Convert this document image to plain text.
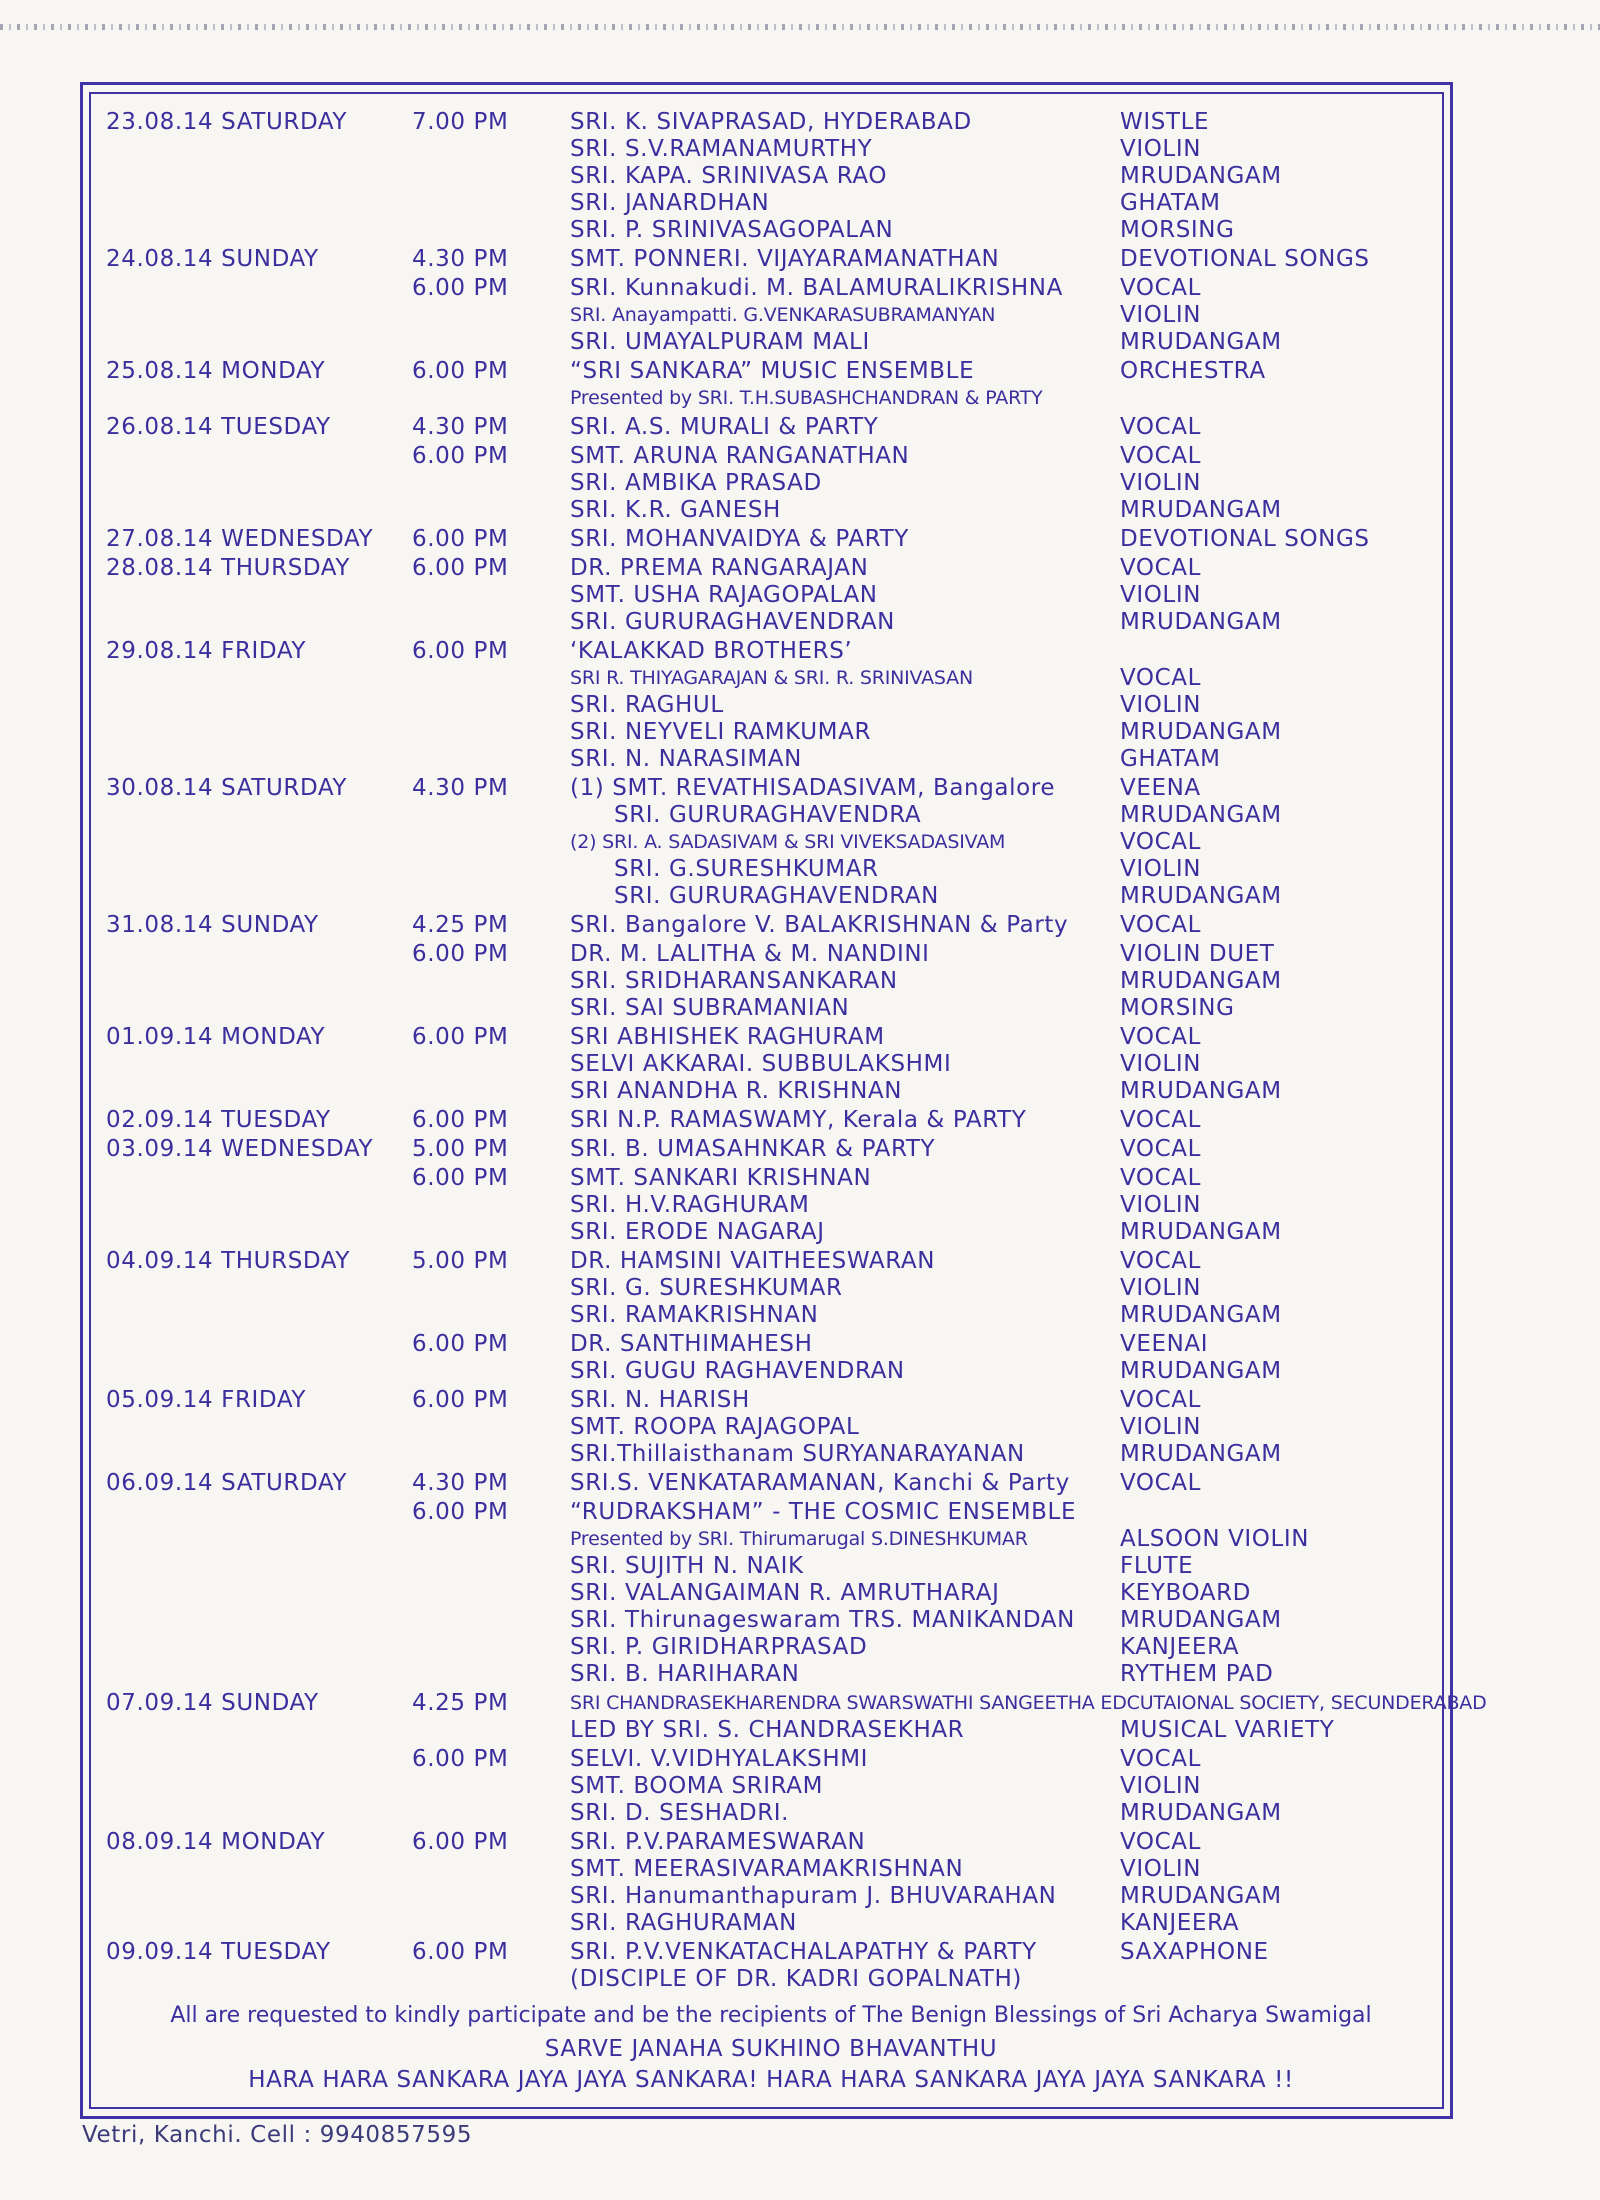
23.08.14 SATURDAY	7.00 PM	SRI. K. SIVAPRASAD, HYDERABAD	WISTLE
SRI. S.V.RAMANAMURTHY	VIOLIN
SRI. KAPA. SRINIVASA RAO	MRUDANGAM
SRI. JANARDHAN	GHATAM
SRI. P. SRINIVASAGOPALAN	MORSING
24.08.14 SUNDAY	4.30 PM	SMT. PONNERI. VIJAYARAMANATHAN	DEVOTIONAL SONGS
6.00 PM	SRI. Kunnakudi. M. BALAMURALIKRISHNA	VOCAL
SRI. Anayampatti. G.VENKARASUBRAMANYAN	VIOLIN
SRI. UMAYALPURAM MALI	MRUDANGAM
25.08.14 MONDAY	6.00 PM	“SRI SANKARA” MUSIC ENSEMBLE	ORCHESTRA
Presented by SRI. T.H.SUBASHCHANDRAN & PARTY
26.08.14 TUESDAY	4.30 PM	SRI. A.S. MURALI & PARTY	VOCAL
6.00 PM	SMT. ARUNA RANGANATHAN	VOCAL
SRI. AMBIKA PRASAD	VIOLIN
SRI. K.R. GANESH	MRUDANGAM
27.08.14 WEDNESDAY	6.00 PM	SRI. MOHANVAIDYA & PARTY	DEVOTIONAL SONGS
28.08.14 THURSDAY	6.00 PM	DR. PREMA RANGARAJAN	VOCAL
SMT. USHA RAJAGOPALAN	VIOLIN
SRI. GURURAGHAVENDRAN	MRUDANGAM
29.08.14 FRIDAY	6.00 PM	‘KALAKKAD BROTHERS’
SRI R. THIYAGARAJAN & SRI. R. SRINIVASAN	VOCAL
SRI. RAGHUL	VIOLIN
SRI. NEYVELI RAMKUMAR	MRUDANGAM
SRI. N. NARASIMAN	GHATAM
30.08.14 SATURDAY	4.30 PM	(1) SMT. REVATHISADASIVAM, Bangalore	VEENA
SRI. GURURAGHAVENDRA	MRUDANGAM
(2) SRI. A. SADASIVAM & SRI VIVEKSADASIVAM	VOCAL
SRI. G.SURESHKUMAR	VIOLIN
SRI. GURURAGHAVENDRAN	MRUDANGAM
31.08.14 SUNDAY	4.25 PM	SRI. Bangalore V. BALAKRISHNAN & Party	VOCAL
6.00 PM	DR. M. LALITHA & M. NANDINI	VIOLIN DUET
SRI. SRIDHARANSANKARAN	MRUDANGAM
SRI. SAI SUBRAMANIAN	MORSING
01.09.14 MONDAY	6.00 PM	SRI ABHISHEK RAGHURAM	VOCAL
SELVI AKKARAI. SUBBULAKSHMI	VIOLIN
SRI ANANDHA R. KRISHNAN	MRUDANGAM
02.09.14 TUESDAY	6.00 PM	SRI N.P. RAMASWAMY, Kerala & PARTY	VOCAL
03.09.14 WEDNESDAY	5.00 PM	SRI. B. UMASAHNKAR & PARTY	VOCAL
6.00 PM	SMT. SANKARI KRISHNAN	VOCAL
SRI. H.V.RAGHURAM	VIOLIN
SRI. ERODE NAGARAJ	MRUDANGAM
04.09.14 THURSDAY	5.00 PM	DR. HAMSINI VAITHEESWARAN	VOCAL
SRI. G. SURESHKUMAR	VIOLIN
SRI. RAMAKRISHNAN	MRUDANGAM
6.00 PM	DR. SANTHIMAHESH	VEENAI
SRI. GUGU RAGHAVENDRAN	MRUDANGAM
05.09.14 FRIDAY	6.00 PM	SRI. N. HARISH	VOCAL
SMT. ROOPA RAJAGOPAL	VIOLIN
SRI.Thillaisthanam SURYANARAYANAN	MRUDANGAM
06.09.14 SATURDAY	4.30 PM	SRI.S. VENKATARAMANAN, Kanchi & Party	VOCAL
6.00 PM	“RUDRAKSHAM” - THE COSMIC ENSEMBLE
Presented by SRI. Thirumarugal S.DINESHKUMAR	ALSOON VIOLIN
SRI. SUJITH N. NAIK	FLUTE
SRI. VALANGAIMAN R. AMRUTHARAJ	KEYBOARD
SRI. Thirunageswaram TRS. MANIKANDAN	MRUDANGAM
SRI. P. GIRIDHARPRASAD	KANJEERA
SRI. B. HARIHARAN	RYTHEM PAD
07.09.14 SUNDAY	4.25 PM	SRI CHANDRASEKHARENDRA SWARSWATHI SANGEETHA EDCUTAIONAL SOCIETY, SECUNDERABAD
LED BY SRI. S. CHANDRASEKHAR	MUSICAL VARIETY
6.00 PM	SELVI. V.VIDHYALAKSHMI	VOCAL
SMT. BOOMA SRIRAM	VIOLIN
SRI. D. SESHADRI.	MRUDANGAM
08.09.14 MONDAY	6.00 PM	SRI. P.V.PARAMESWARAN	VOCAL
SMT. MEERASIVARAMAKRISHNAN	VIOLIN
SRI. Hanumanthapuram J. BHUVARAHAN	MRUDANGAM
SRI. RAGHURAMAN	KANJEERA
09.09.14 TUESDAY	6.00 PM	SRI. P.V.VENKATACHALAPATHY & PARTY	SAXAPHONE
(DISCIPLE OF DR. KADRI GOPALNATH)
All are requested to kindly participate and be the recipients of The Benign Blessings of Sri Acharya Swamigal
SARVE JANAHA SUKHINO BHAVANTHU
HARA HARA SANKARA JAYA JAYA SANKARA! HARA HARA SANKARA JAYA JAYA SANKARA !!
Vetri, Kanchi. Cell : 9940857595
